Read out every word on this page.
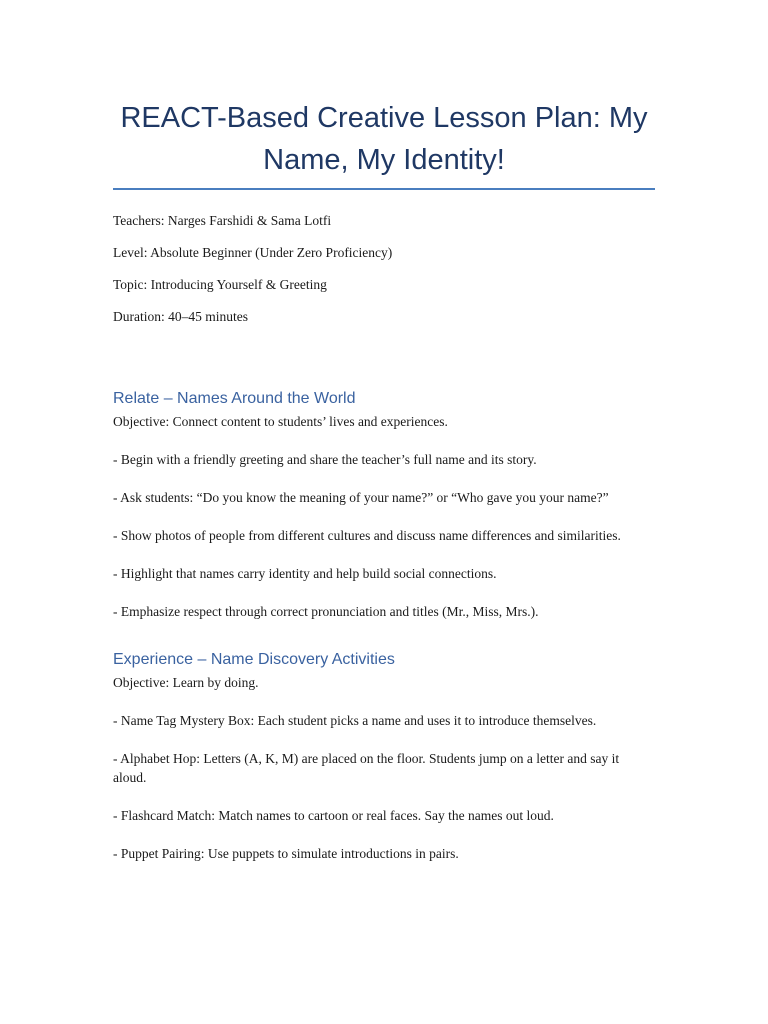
REACT-Based Creative Lesson Plan: My Name, My Identity!

Teachers: Narges Farshidi & Sama Lotfi

Level: Absolute Beginner (Under Zero Proficiency)

Topic: Introducing Yourself & Greeting

Duration: 40–45 minutes

Relate – Names Around the World

Objective: Connect content to students’ lives and experiences.

- Begin with a friendly greeting and share the teacher’s full name and its story.

- Ask students: “Do you know the meaning of your name?” or “Who gave you your name?”

- Show photos of people from different cultures and discuss name differences and similarities.

- Highlight that names carry identity and help build social connections.

- Emphasize respect through correct pronunciation and titles (Mr., Miss, Mrs.).

Experience – Name Discovery Activities

Objective: Learn by doing.

- Name Tag Mystery Box: Each student picks a name and uses it to introduce themselves.

- Alphabet Hop: Letters (A, K, M) are placed on the floor. Students jump on a letter and say it aloud.

- Flashcard Match: Match names to cartoon or real faces. Say the names out loud.

- Puppet Pairing: Use puppets to simulate introductions in pairs.
